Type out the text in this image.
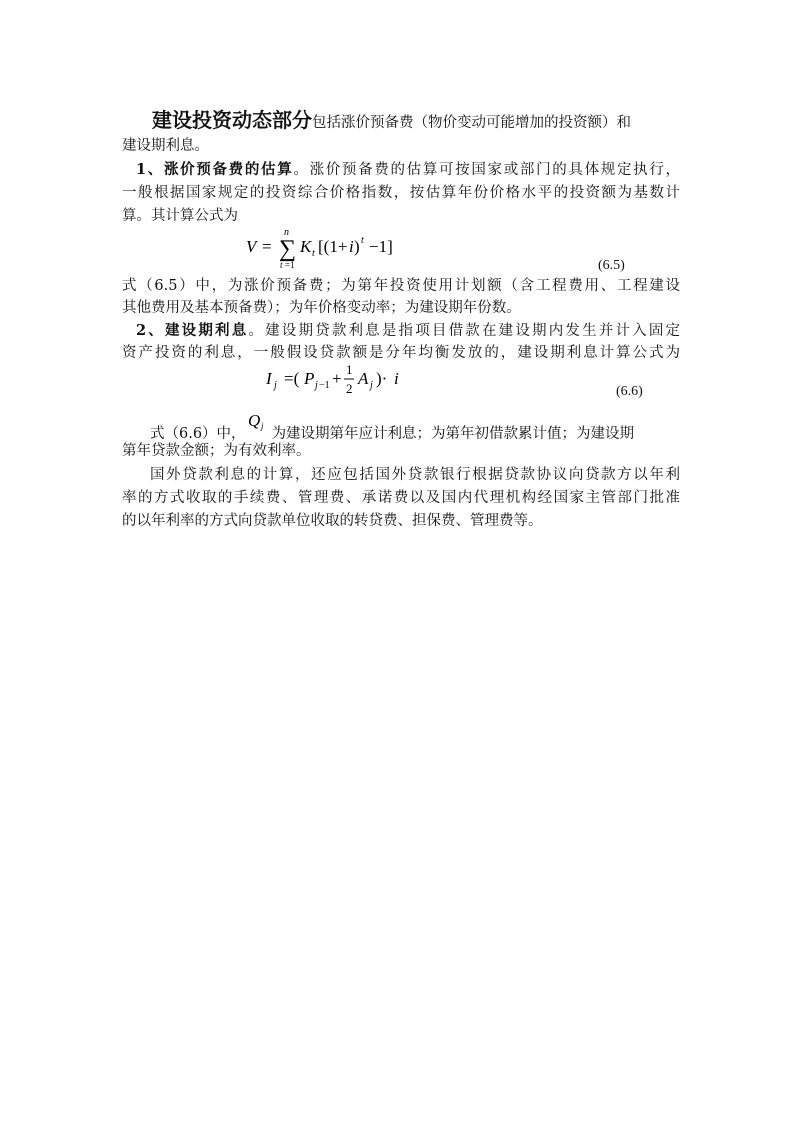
建设投资动态部分包括涨价预备费（物价变动可能增加的投资额）和
建设期利息。
1、涨价预备费的估算。涨价预备费的估算可按国家或部门的具体规定执行，
一般根据国家规定的投资综合价格指数，按估算年份价格水平的投资额为基数计
算。其计算公式为
V = ∑
n
t =1
K t [(1+ i ) t −1]
(6.5)
式（6.5）中，为涨价预备费；为第年投资使用计划额（含工程费用、工程建设
其他费用及基本预备费）；为年价格变动率；为建设期年份数。
2、建设期利息。建设期贷款利息是指项目借款在建设期内发生并计入固定
资产投资的利息，一般假设贷款额是分年均衡发放的，建设期利息计算公式为
I j =( P j −1 + 1
2
A j )· i
(6.6)
式（6.6）中，
Q j 为建设期第年应计利息；为第年初借款累计值；为建设期
第年贷款金额；为有效利率。
国外贷款利息的计算，还应包括国外贷款银行根据贷款协议向贷款方以年利
率的方式收取的手续费、管理费、承诺费以及国内代理机构经国家主管部门批准
的以年利率的方式向贷款单位收取的转贷费、担保费、管理费等。
